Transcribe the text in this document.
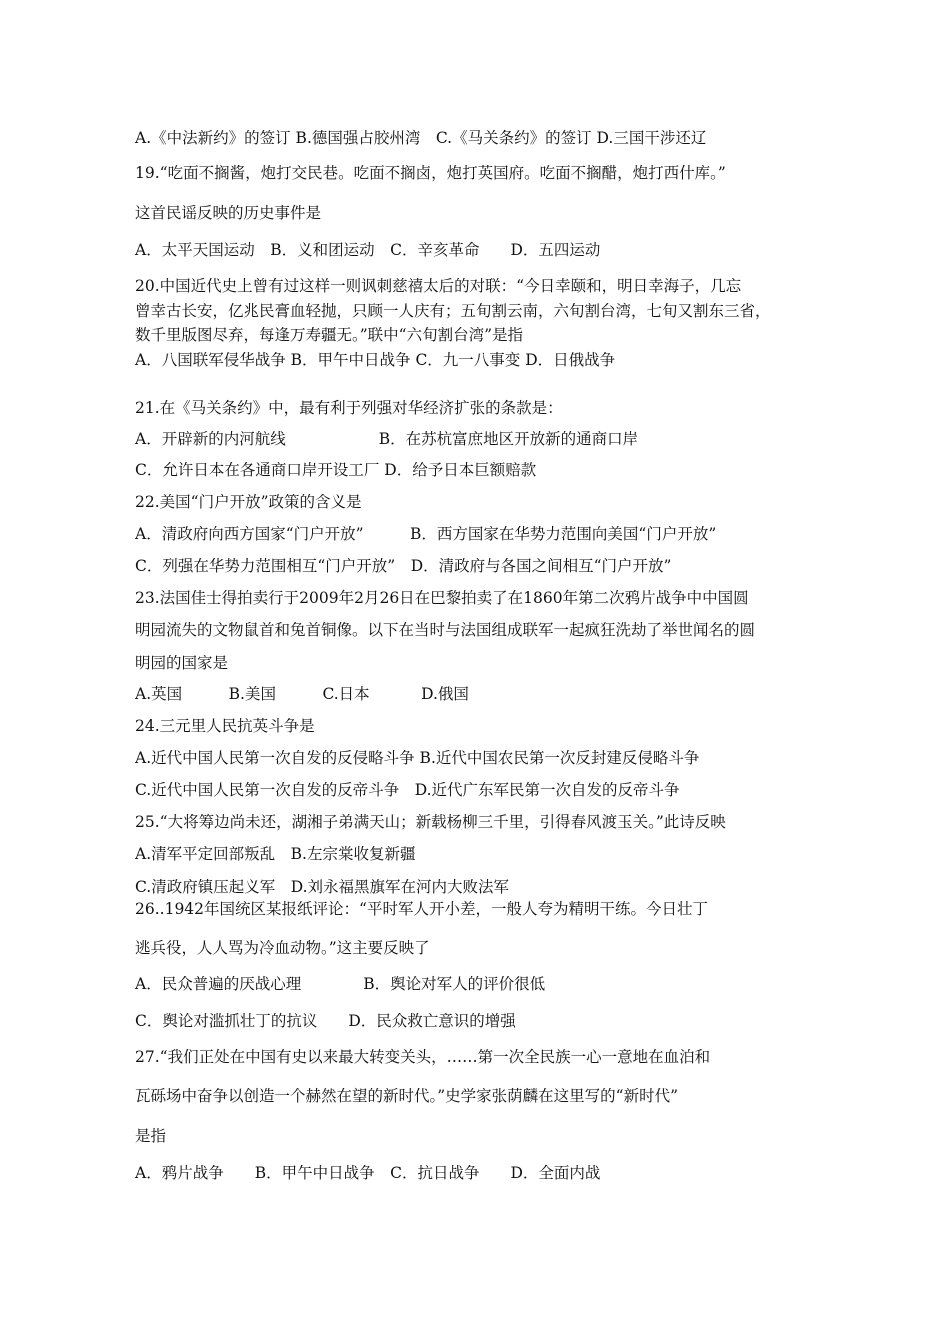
A.《中法新约》的签订 B.德国强占胶州湾　C.《马关条约》的签订 D.三国干涉还辽
19.“吃面不搁酱，炮打交民巷。吃面不搁卤，炮打英国府。吃面不搁醋，炮打西什库。”
这首民谣反映的历史事件是
A．太平天国运动　B．义和团运动　C．辛亥革命　　D．五四运动
20.中国近代史上曾有过这样一则讽刺慈禧太后的对联：“今日幸颐和，明日幸海子，几忘
曾幸古长安，亿兆民膏血轻抛，只顾一人庆有；五旬割云南，六旬割台湾，七旬又割东三省，
数千里版图尽弃，每逢万寿疆无。”联中“六旬割台湾”是指
A．八国联军侵华战争 B．甲午中日战争 C．九一八事变 D．日俄战争
21.在《马关条约》中，最有利于列强对华经济扩张的条款是：
A．开辟新的内河航线　　　　　　B．在苏杭富庶地区开放新的通商口岸
C．允许日本在各通商口岸开设工厂 D．给予日本巨额赔款
22.美国“门户开放”政策的含义是
A．清政府向西方国家“门户开放”　　　B．西方国家在华势力范围向美国“门户开放”
C．列强在华势力范围相互“门户开放”　D．清政府与各国之间相互“门户开放”
23.法国佳士得拍卖行于2009年2月26日在巴黎拍卖了在1860年第二次鸦片战争中中国圆
明园流失的文物鼠首和兔首铜像。以下在当时与法国组成联军一起疯狂洗劫了举世闻名的圆
明园的国家是
A.英国　　　B.美国　　　C.日本　　　 D.俄国
24.三元里人民抗英斗争是
A.近代中国人民第一次自发的反侵略斗争 B.近代中国农民第一次反封建反侵略斗争
C.近代中国人民第一次自发的反帝斗争　D.近代广东军民第一次自发的反帝斗争
25.“大将筹边尚未还，湖湘子弟满天山；新载杨柳三千里，引得春风渡玉关。”此诗反映
A.清军平定回部叛乱　B.左宗棠收复新疆
C.清政府镇压起义军　D.刘永福黑旗军在河内大败法军
26..1942年国统区某报纸评论：“平时军人开小差，一般人夸为精明干练。今日壮丁
逃兵役，人人骂为冷血动物。”这主要反映了
A．民众普遍的厌战心理　　　　B．舆论对军人的评价很低
C．舆论对滥抓壮丁的抗议　　D．民众救亡意识的增强
27.“我们正处在中国有史以来最大转变关头，……第一次全民族一心一意地在血泊和
瓦砾场中奋争以创造一个赫然在望的新时代。”史学家张荫麟在这里写的“新时代”
是指
A．鸦片战争　　B．甲午中日战争　C．抗日战争　　D．全面内战
